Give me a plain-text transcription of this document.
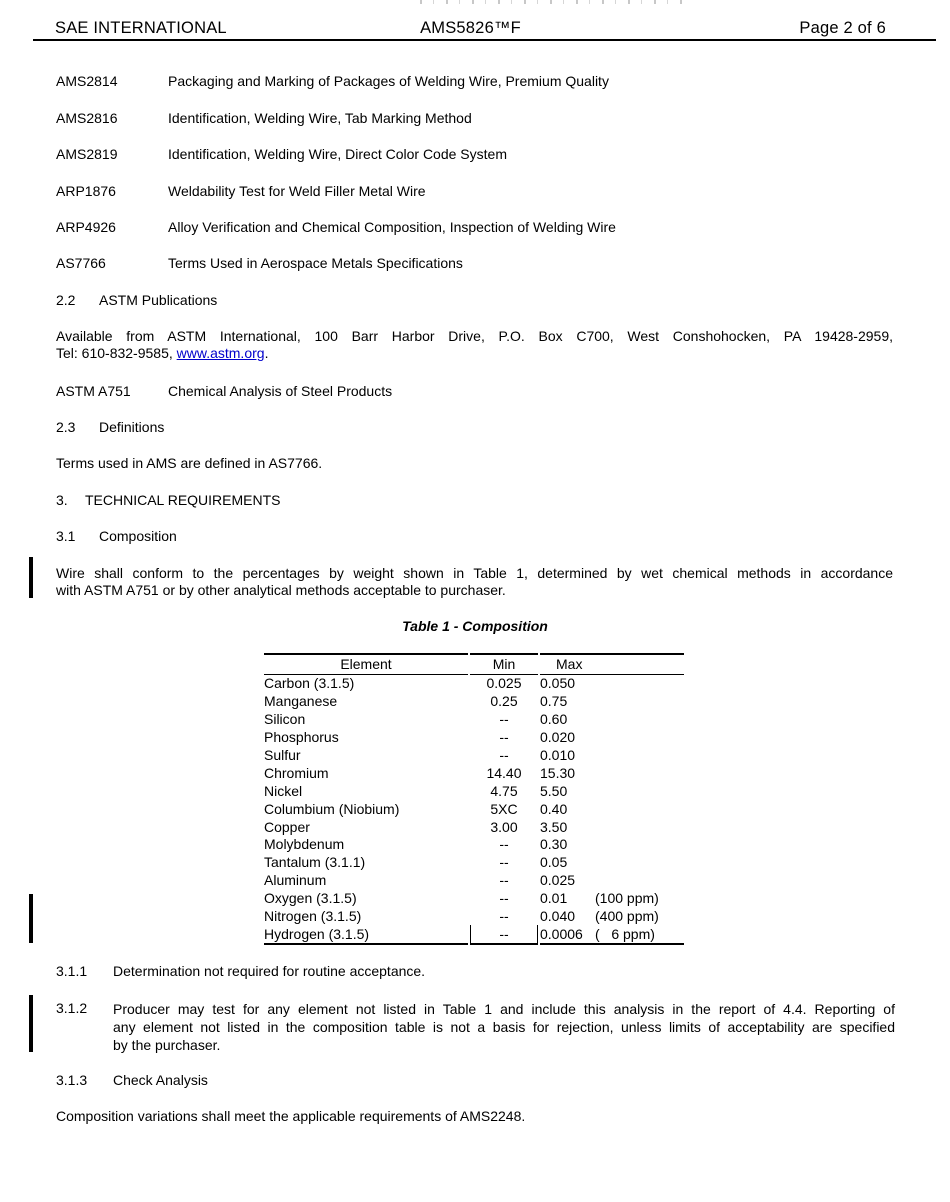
SAE INTERNATIONAL	AMS5826™F	Page 2 of 6
AMS2814	Packaging and Marking of Packages of Welding Wire, Premium Quality
AMS2816	Identification, Welding Wire, Tab Marking Method
AMS2819	Identification, Welding Wire, Direct Color Code System
ARP1876	Weldability Test for Weld Filler Metal Wire
ARP4926	Alloy Verification and Chemical Composition, Inspection of Welding Wire
AS7766	Terms Used in Aerospace Metals Specifications
2.2 ASTM Publications
Available from ASTM International, 100 Barr Harbor Drive, P.O. Box C700, West Conshohocken, PA 19428-2959,
Tel: 610-832-9585, www.astm.org.
ASTM A751	Chemical Analysis of Steel Products
2.3 Definitions
Terms used in AMS are defined in AS7766.
3. TECHNICAL REQUIREMENTS
3.1 Composition
Wire shall conform to the percentages by weight shown in Table 1, determined by wet chemical methods in accordance
with ASTM A751 or by other analytical methods acceptable to purchaser.
Table 1 - Composition
Element	Min	Max
Carbon (3.1.5)	0.025	0.050
Manganese	0.25	0.75
Silicon	--	0.60
Phosphorus	--	0.020
Sulfur	--	0.010
Chromium	14.40	15.30
Nickel	4.75	5.50
Columbium (Niobium)	5XC	0.40
Copper	3.00	3.50
Molybdenum	--	0.30
Tantalum (3.1.1)	--	0.05
Aluminum	--	0.025
Oxygen (3.1.5)	--	0.01 (100 ppm)
Nitrogen (3.1.5)	--	0.040 (400 ppm)
Hydrogen (3.1.5)	--	0.0006 (   6 ppm)
3.1.1 Determination not required for routine acceptance.
3.1.2 Producer may test for any element not listed in Table 1 and include this analysis in the report of 4.4. Reporting of
any element not listed in the composition table is not a basis for rejection, unless limits of acceptability are specified
by the purchaser.
3.1.3 Check Analysis
Composition variations shall meet the applicable requirements of AMS2248.
